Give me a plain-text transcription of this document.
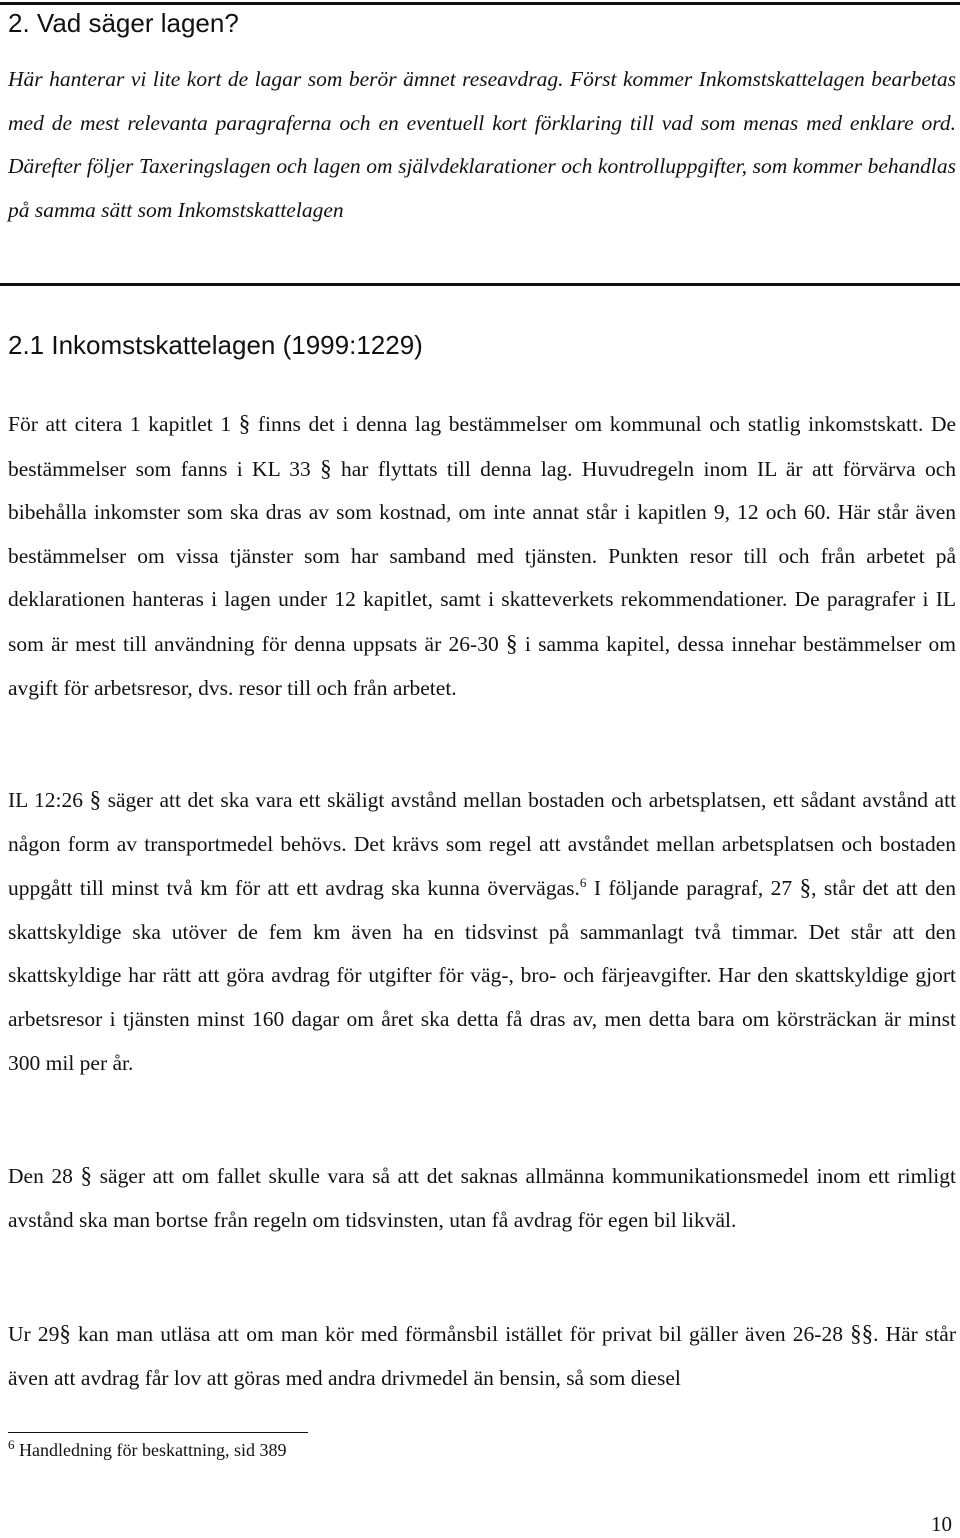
2. Vad säger lagen?

Här hanterar vi lite kort de lagar som berör ämnet reseavdrag. Först kommer Inkomstskattelagen bearbetas med de mest relevanta paragraferna och en eventuell kort förklaring till vad som menas med enklare ord. Därefter följer Taxeringslagen och lagen om självdeklarationer och kontrolluppgifter, som kommer behandlas på samma sätt som Inkomstskattelagen

2.1 Inkomstskattelagen (1999:1229)

För att citera 1 kapitlet 1 § finns det i denna lag bestämmelser om kommunal och statlig inkomstskatt. De bestämmelser som fanns i KL 33 § har flyttats till denna lag. Huvudregeln inom IL är att förvärva och bibehålla inkomster som ska dras av som kostnad, om inte annat står i kapitlen 9, 12 och 60. Här står även bestämmelser om vissa tjänster som har samband med tjänsten. Punkten resor till och från arbetet på deklarationen hanteras i lagen under 12 kapitlet, samt i skatteverkets rekommendationer. De paragrafer i IL som är mest till användning för denna uppsats är 26-30 § i samma kapitel, dessa innehar bestämmelser om avgift för arbetsresor, dvs. resor till och från arbetet.

IL 12:26 § säger att det ska vara ett skäligt avstånd mellan bostaden och arbetsplatsen, ett sådant avstånd att någon form av transportmedel behövs. Det krävs som regel att avståndet mellan arbetsplatsen och bostaden uppgått till minst två km för att ett avdrag ska kunna övervägas.$^6$ I följande paragraf, 27 §, står det att den skattskyldige ska utöver de fem km även ha en tidsvinst på sammanlagt två timmar. Det står att den skattskyldige har rätt att göra avdrag för utgifter för väg-, bro- och färjeavgifter. Har den skattskyldige gjort arbetsresor i tjänsten minst 160 dagar om året ska detta få dras av, men detta bara om körsträckan är minst 300 mil per år.

Den 28 § säger att om fallet skulle vara så att det saknas allmänna kommunikationsmedel inom ett rimligt avstånd ska man bortse från regeln om tidsvinsten, utan få avdrag för egen bil likväl.

Ur 29§ kan man utläsa att om man kör med förmånsbil istället för privat bil gäller även 26-28 §§. Här står även att avdrag får lov att göras med andra drivmedel än bensin, så som diesel

$^6$ Handledning för beskattning, sid 389

10
